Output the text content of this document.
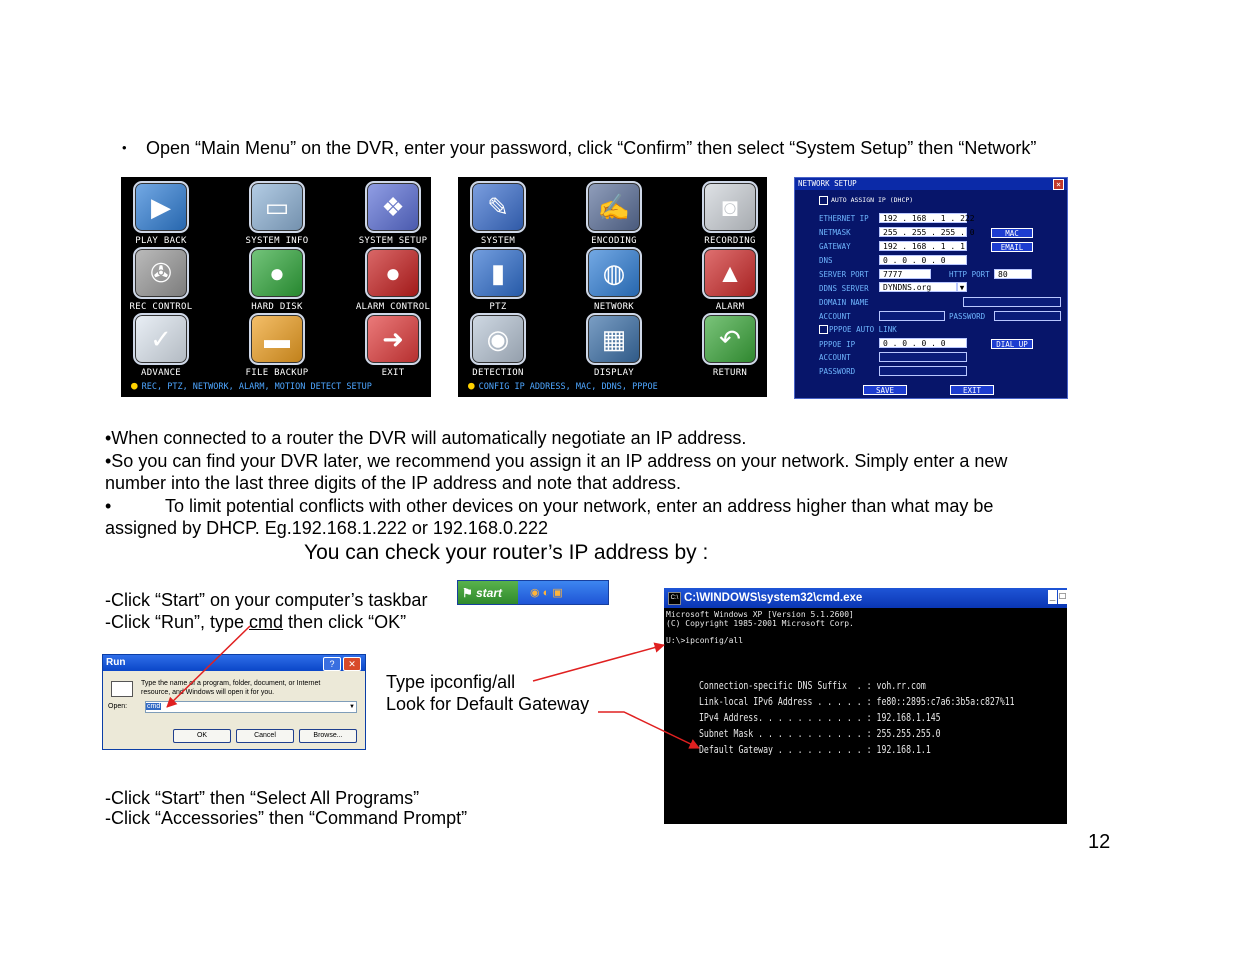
• Open “Main Menu” on the DVR, enter your password, click “Confirm” then select “System Setup” then “Network”
● REC, PTZ, NETWORK, ALARM, MOTION DETECT SETUP
▶
PLAY BACK
▭
SYSTEM INFO
❖
SYSTEM SETUP
✇
REC CONTROL
●
HARD DISK
●
ALARM CONTROL
✓
ADVANCE
▬
FILE BACKUP
➜
EXIT
● CONFIG IP ADDRESS, MAC, DDNS, PPPOE
✎
SYSTEM
✍
ENCODING
◙
RECORDING
▮
PTZ
◍
NETWORK
▲
ALARM
◉
DETECTION
▦
DISPLAY
↶
RETURN
NETWORK SETUP	×
AUTO ASSIGN IP (DHCP)
ETHERNET IP	192 . 168 . 1 . 222
NETMASK	255 . 255 . 255 . 0	MAC
GATEWAY	192 . 168 . 1 . 1	EMAIL
DNS	0 . 0 . 0 . 0
SERVER PORT	7777	HTTP PORT	80
DDNS SERVER	DYNDNS.org	▼
DOMAIN NAME
ACCOUNT	PASSWORD
PPPOE AUTO LINK
PPPOE IP	0 . 0 . 0 . 0	DIAL UP
ACCOUNT
PASSWORD
SAVE	EXIT
•When connected to a router the DVR will automatically negotiate an IP address.
•So you can find your DVR later, we recommend you assign it an IP address on your network. Simply enter a new
number into the last three digits of the IP address and note that address.
•	To limit potential conflicts with other devices on your network, enter an address higher than what may be
assigned by DHCP. Eg.192.168.1.222 or 192.168.0.222
You can check your router’s IP address by :
-Click “Start” on your computer’s taskbar
-Click “Run”, type cmd then click “OK”
⚑ start	◉ ◐ ▣
Run	?	✕
Type the name of a program, folder, document, or Internet resource, and Windows will open it for you.
Open:	cmd	▼
OK	Cancel	Browse...
Type ipconfig/all
Look for Default Gateway
C:\ C:\WINDOWS\system32\cmd.exe	_ □
Microsoft Windows XP [Version 5.1.2600]
(C) Copyright 1985-2001 Microsoft Corp.
U:\>ipconfig/all
Connection-specific DNS Suffix  . : voh.rr.com
Link-local IPv6 Address . . . . . : fe80::2895:c7a6:3b5a:c827%11
IPv4 Address. . . . . . . . . . . : 192.168.1.145
Subnet Mask . . . . . . . . . . . : 255.255.255.0
Default Gateway . . . . . . . . . : 192.168.1.1
-Click “Start” then “Select All Programs”
-Click “Accessories” then “Command Prompt”
12
